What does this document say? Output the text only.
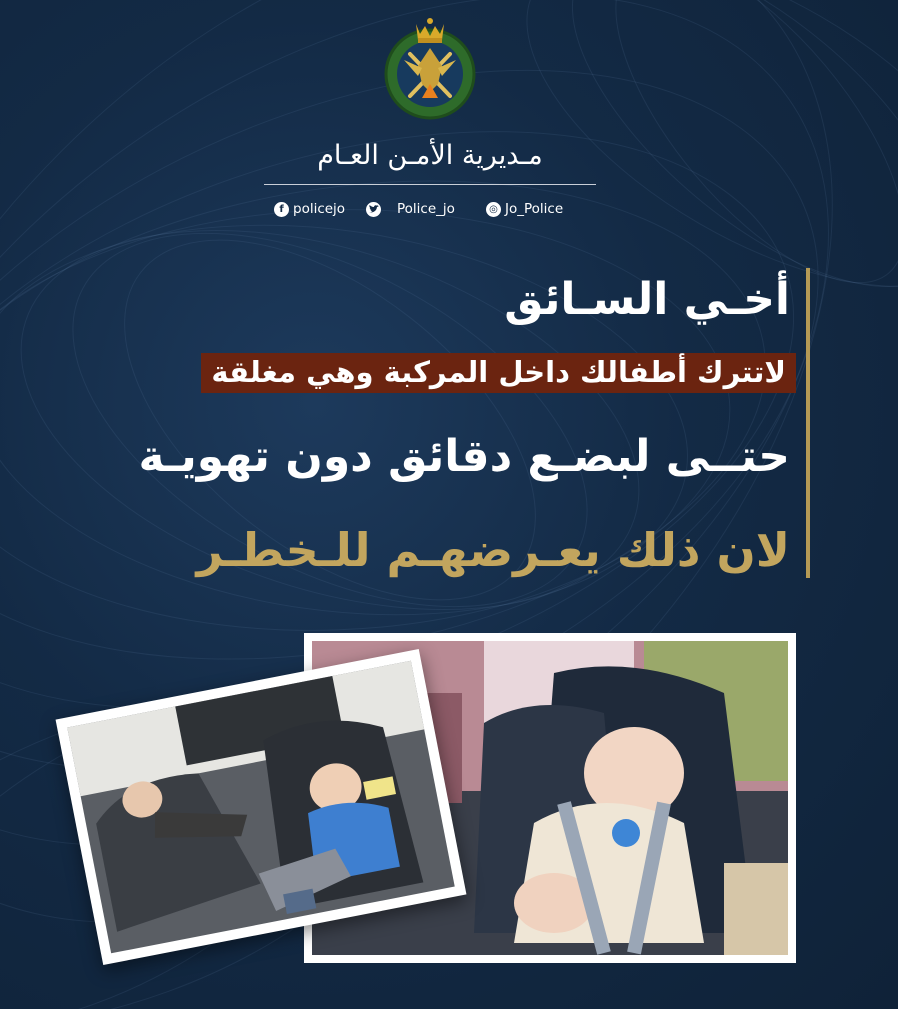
مـديرية الأمـن العـام
f policejo	Police_jo	◎ Jo_Police
أخـي السـائق
لاتترك أطفالك داخل المركبة وهي مغلقة
حتــى لبضـع دقائق دون تهويـة
لان ذلك يعـرضهـم للـخطـر
